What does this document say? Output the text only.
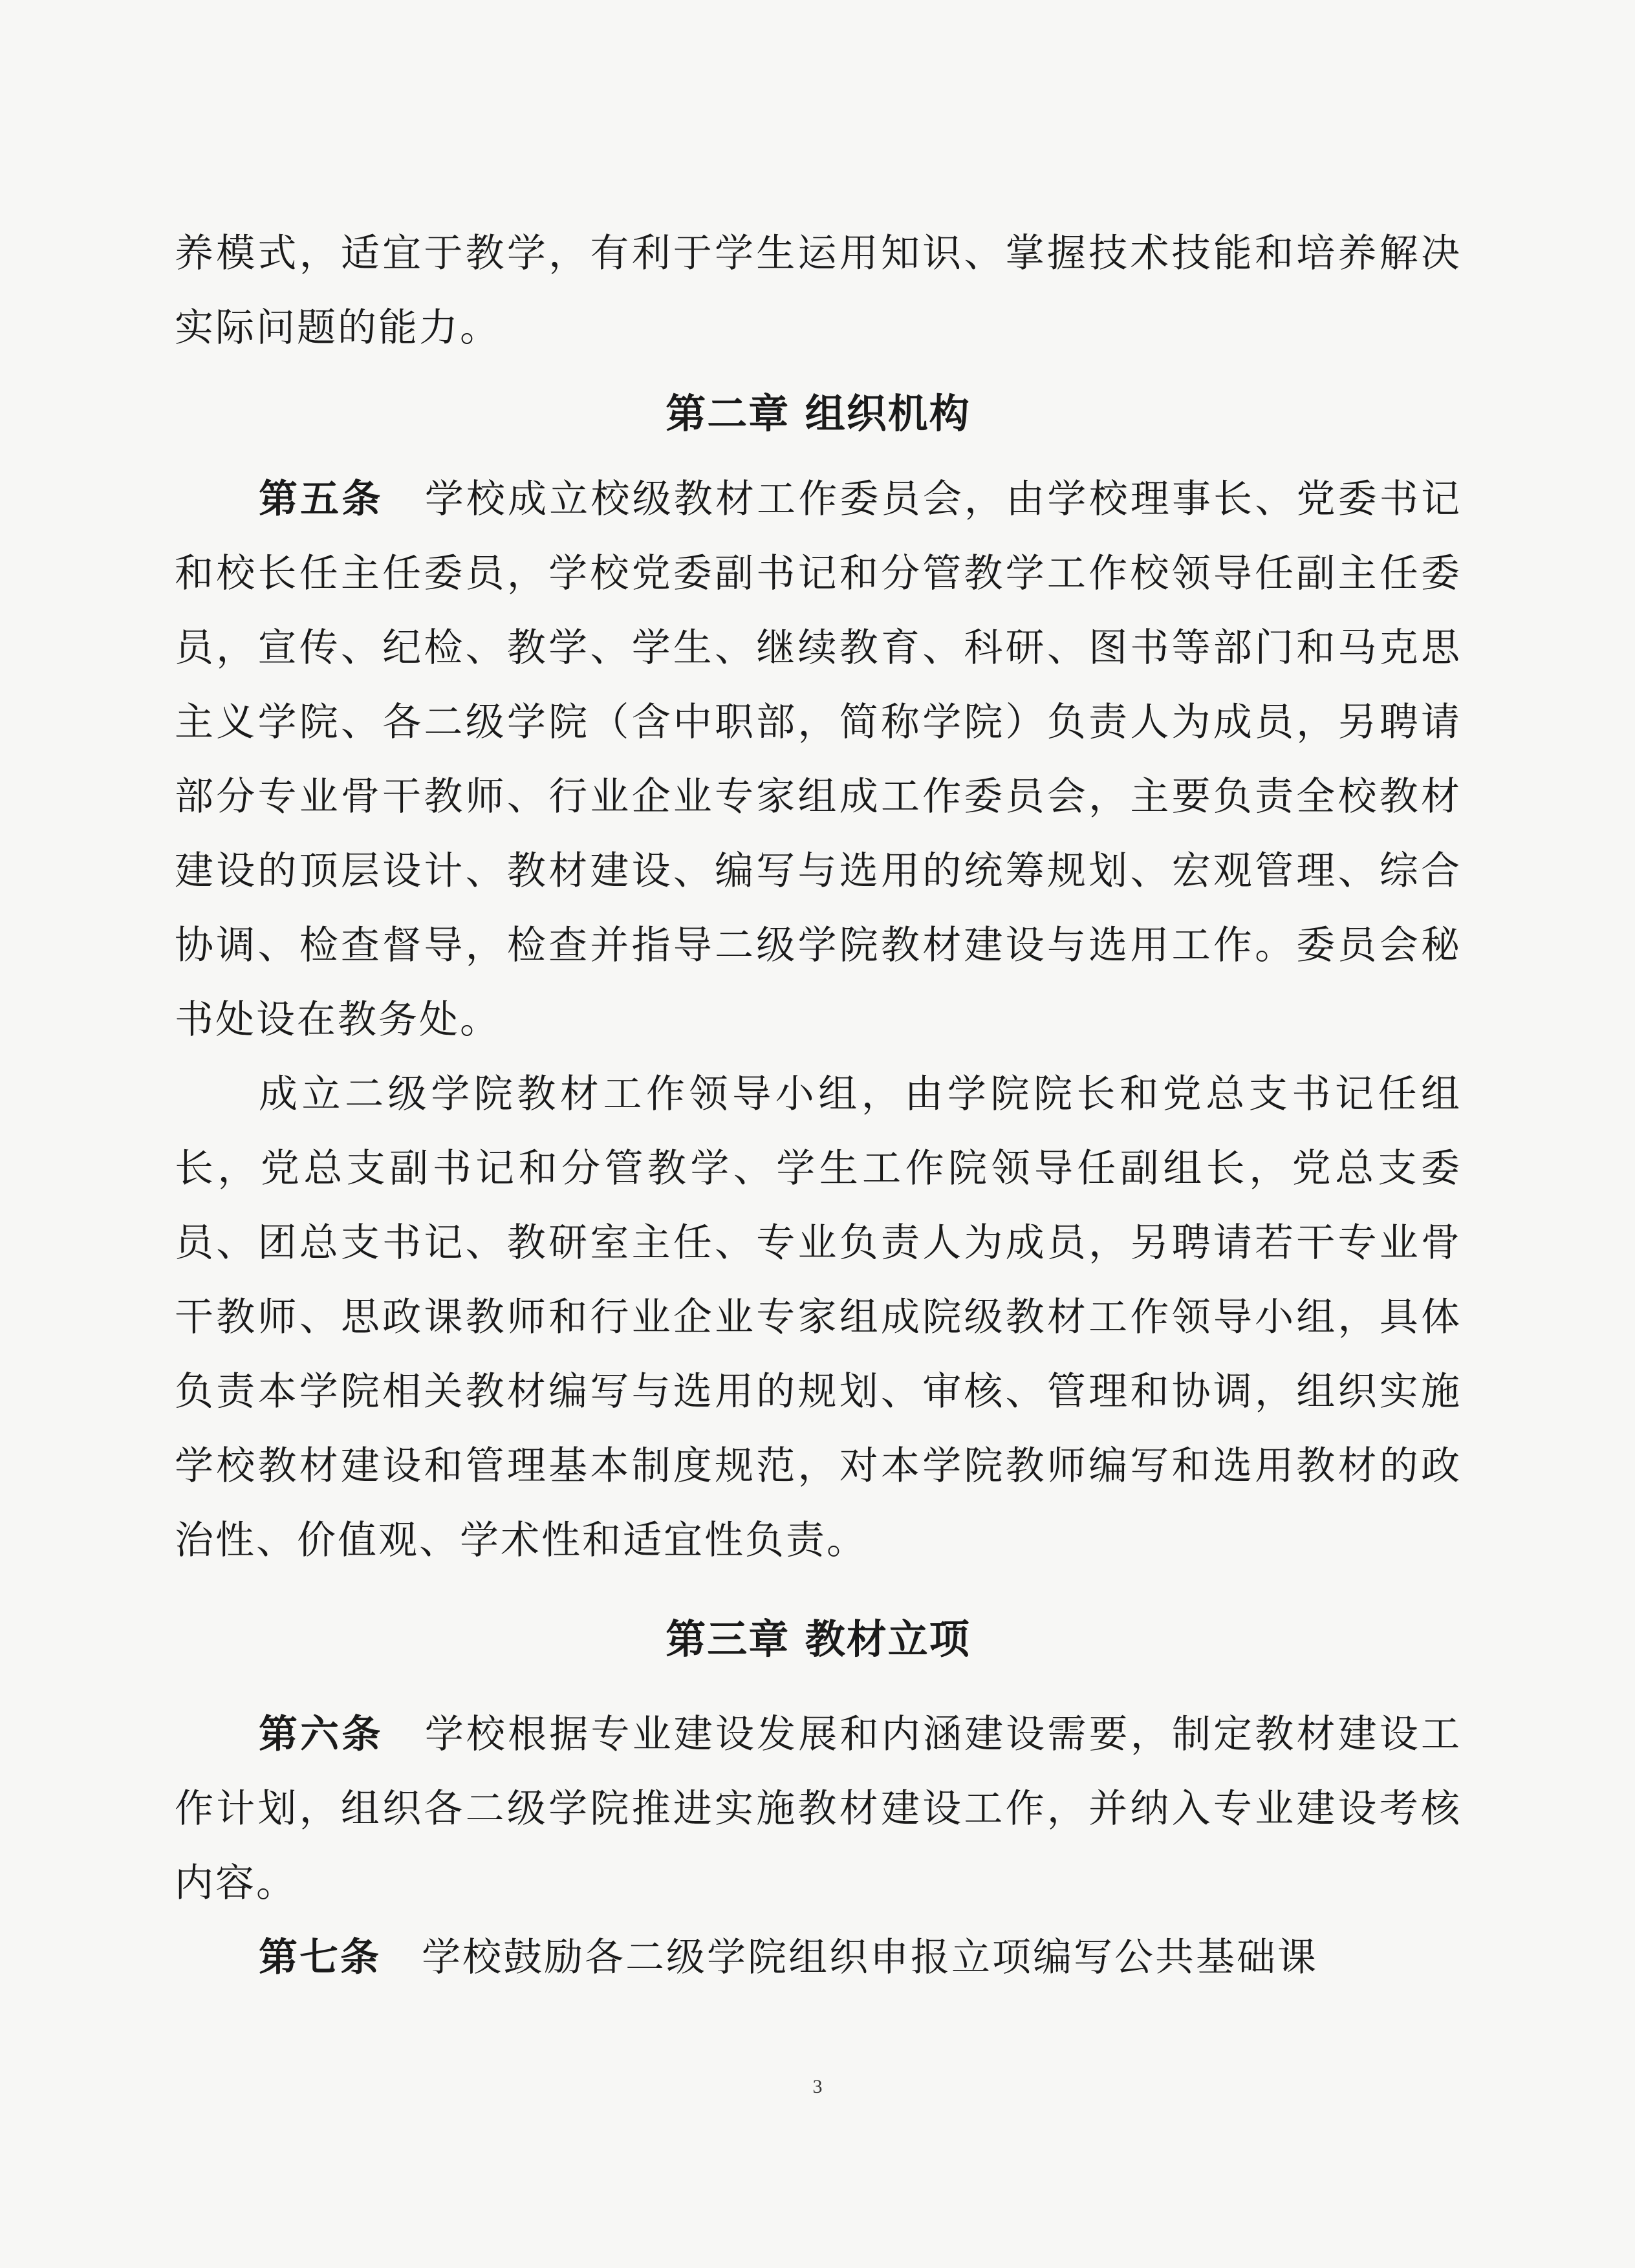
养模式，适宜于教学，有利于学生运用知识、掌握技术技能和培养解决实际问题的能力。

第二章 组织机构

第五条  学校成立校级教材工作委员会，由学校理事长、党委书记和校长任主任委员，学校党委副书记和分管教学工作校领导任副主任委员，宣传、纪检、教学、学生、继续教育、科研、图书等部门和马克思主义学院、各二级学院（含中职部，简称学院）负责人为成员，另聘请部分专业骨干教师、行业企业专家组成工作委员会，主要负责全校教材建设的顶层设计、教材建设、编写与选用的统筹规划、宏观管理、综合协调、检查督导，检查并指导二级学院教材建设与选用工作。委员会秘书处设在教务处。

成立二级学院教材工作领导小组，由学院院长和党总支书记任组长，党总支副书记和分管教学、学生工作院领导任副组长，党总支委员、团总支书记、教研室主任、专业负责人为成员，另聘请若干专业骨干教师、思政课教师和行业企业专家组成院级教材工作领导小组，具体负责本学院相关教材编写与选用的规划、审核、管理和协调，组织实施学校教材建设和管理基本制度规范，对本学院教师编写和选用教材的政治性、价值观、学术性和适宜性负责。

第三章 教材立项

第六条  学校根据专业建设发展和内涵建设需要，制定教材建设工作计划，组织各二级学院推进实施教材建设工作，并纳入专业建设考核内容。

第七条  学校鼓励各二级学院组织申报立项编写公共基础课

3
